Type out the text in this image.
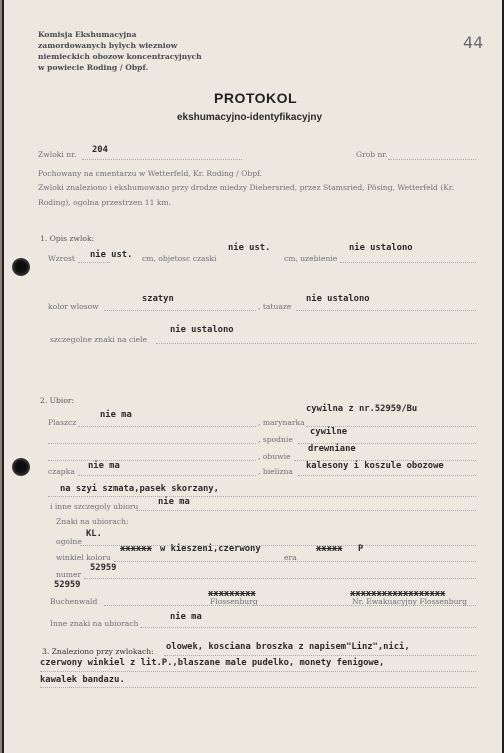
Komisja Ekshumacyjna
zamordowanych bylych wiezniow
niemieckich obozow koncentracyjnych
w powiecie Roding / Obpf.
44
PROTOKOL
ekshumacyjno-identyfikacyjny
Zwloki nr. 204	Grob nr.
Pochowany na cmentarzu w Wetterfeld, Kr. Roding / Obpf.
Zwloki znaleziono i ekshumowano przy drodze miedzy Diebersried, przez Stamsried, Pösing, Wetterfeld (Kr.
Roding), ogolna przestrzen 11 km.
1. Opis zwlok:
Wzrost nie ust. cm, objetosc czaski
nie ust.
cm, uzebienie
nie ustalono
kolor wlosow
szatyn
, tatuaze
nie ustalono
szczegolne znaki na ciele
nie ustalono
2. Ubior:
Plaszcz
nie ma
, marynarka
cywilna z nr.52959/Bu
, spodnie
cywilne
, obuwie
drewniane
czapka
nie ma
, bielizna
kalesony i koszule obozowe
na szyi szmata,pasek skorzany,
i inne szczegoly ubioru nie ma
Znaki na ubiorach:
ogolne
KL.
winkiel koloru
xxxxxx w kieszeni,czerwony
era
xxxxx P
numer
52959
52959
Buchenwald	Flossenburg
xxxxxxxxx
Nr. Ewakuacyjny Flossenburg
xxxxxxxxxxxxxxxxxx
Inne znaki na ubiorach
nie ma
3. Znaleziono przy zwlokach: olowek, kosciana broszka z napisem"Linz",nici,
czerwony winkiel z lit.P.,blaszane male pudelko, monety fenigowe,
kawalek bandazu.
